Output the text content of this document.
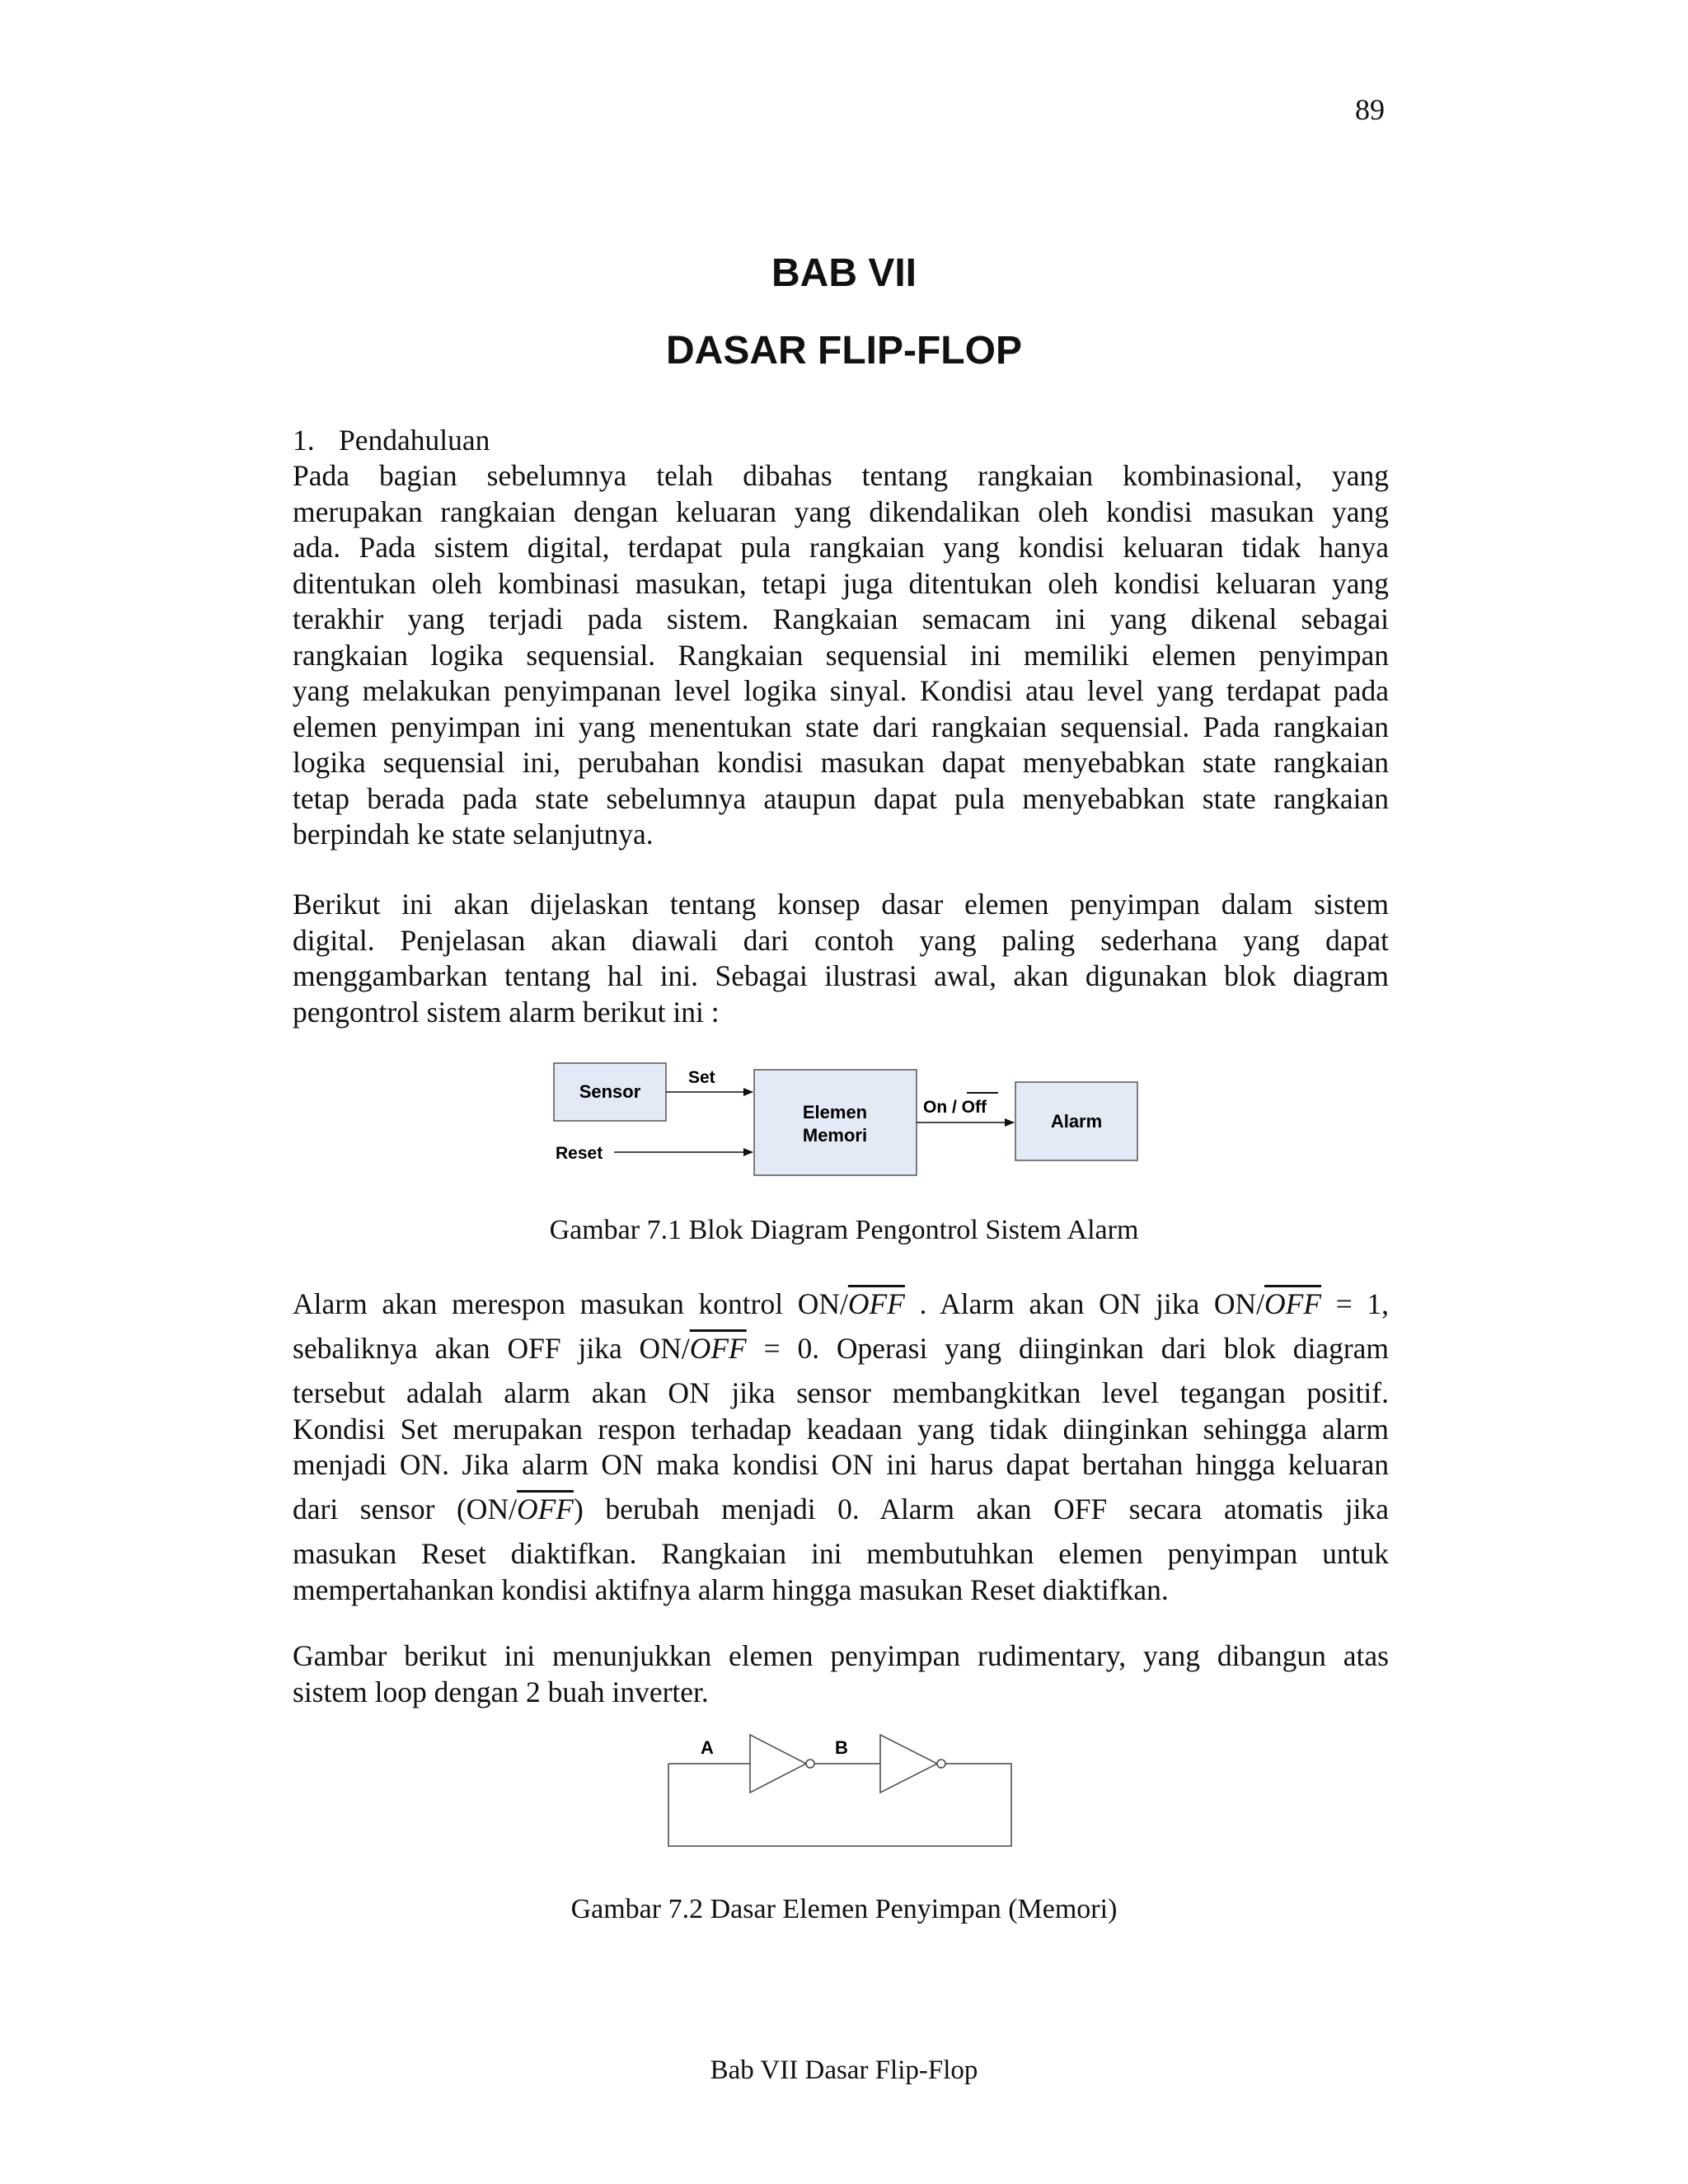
89
BAB VII
DASAR FLIP-FLOP
1. Pendahuluan
Pada bagian sebelumnya telah dibahas tentang rangkaian kombinasional, yang
merupakan rangkaian dengan keluaran yang dikendalikan oleh kondisi masukan yang
ada. Pada sistem digital, terdapat pula rangkaian yang kondisi keluaran tidak hanya
ditentukan oleh kombinasi masukan, tetapi juga ditentukan oleh kondisi keluaran yang
terakhir yang terjadi pada sistem. Rangkaian semacam ini yang dikenal sebagai
rangkaian logika sequensial. Rangkaian sequensial ini memiliki elemen penyimpan
yang melakukan penyimpanan level logika sinyal. Kondisi atau level yang terdapat pada
elemen penyimpan ini yang menentukan state dari rangkaian sequensial. Pada rangkaian
logika sequensial ini, perubahan kondisi masukan dapat menyebabkan state rangkaian
tetap berada pada state sebelumnya ataupun dapat pula menyebabkan state rangkaian
berpindah ke state selanjutnya.
Berikut ini akan dijelaskan tentang konsep dasar elemen penyimpan dalam sistem
digital. Penjelasan akan diawali dari contoh yang paling sederhana yang dapat
menggambarkan tentang hal ini. Sebagai ilustrasi awal, akan digunakan blok diagram
pengontrol sistem alarm berikut ini :
Sensor
Set
Reset
Elemen
Memori
On / Off
Alarm
Gambar 7.1 Blok Diagram Pengontrol Sistem Alarm
Alarm akan merespon masukan kontrol $ON/\overline{OFF}$ . Alarm akan ON jika $ON/\overline{OFF} = 1$,
sebaliknya akan OFF jika $ON/\overline{OFF} = 0$. Operasi yang diinginkan dari blok diagram
tersebut adalah alarm akan ON jika sensor membangkitkan level tegangan positif.
Kondisi Set merupakan respon terhadap keadaan yang tidak diinginkan sehingga alarm
menjadi ON. Jika alarm ON maka kondisi ON ini harus dapat bertahan hingga keluaran
dari sensor $(ON/\overline{OFF})$ berubah menjadi 0. Alarm akan OFF secara atomatis jika
masukan Reset diaktifkan. Rangkaian ini membutuhkan elemen penyimpan untuk
mempertahankan kondisi aktifnya alarm hingga masukan Reset diaktifkan.
Gambar berikut ini menunjukkan elemen penyimpan rudimentary, yang dibangun atas
sistem loop dengan 2 buah inverter.
A	B
Gambar 7.2 Dasar Elemen Penyimpan (Memori)
Bab VII Dasar Flip-Flop
